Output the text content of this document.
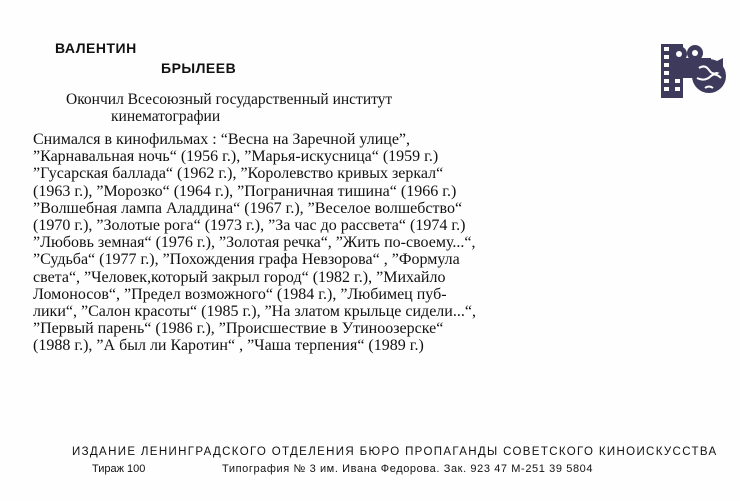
ВАЛЕНТИН
БРЫЛЕЕВ
Окончил Всесоюзный государственный институт
кинематографии
Снимался в кинофильмах : “Весна на Заречной улице”,
”Карнавальная ночь“ (1956 г.), ”Марья-искусница“ (1959 г.)
”Гусарская баллада“ (1962 г.), ”Королевство кривых зеркал“
(1963 г.), ”Морозко“ (1964 г.), ”Пограничная тишина“ (1966 г.)
”Волшебная лампа Аладдина“ (1967 г.), ”Веселое волшебство“
(1970 г.), ”Золотые рога“ (1973 г.), ”За час до рассвета“ (1974 г.)
”Любовь земная“ (1976 г.), ”Золотая речка“, ”Жить по-своему...“,
”Судьба“ (1977 г.), ”Похождения графа Невзорова“ , ”Формула
света“, ”Человек,который закрыл город“ (1982 г.), ”Михайло
Ломоносов“, ”Предел возможного“ (1984 г.), ”Любимец пуб-
лики“, ”Салон красоты“ (1985 г.), ”На златом крыльце сидели...“,
”Первый парень“ (1986 г.), ”Происшествие в Утиноозерске“
(1988 г.), ”А был ли Каротин“ , ”Чаша терпения“ (1989 г.)
ИЗДАНИЕ ЛЕНИНГРАДСКОГО ОТДЕЛЕНИЯ БЮРО ПРОПАГАНДЫ СОВЕТСКОГО КИНОИСКУССТВА
Тираж 100	Типография № 3 им. Ивана Федорова. Зак. 923 47 М-251 39 5804
